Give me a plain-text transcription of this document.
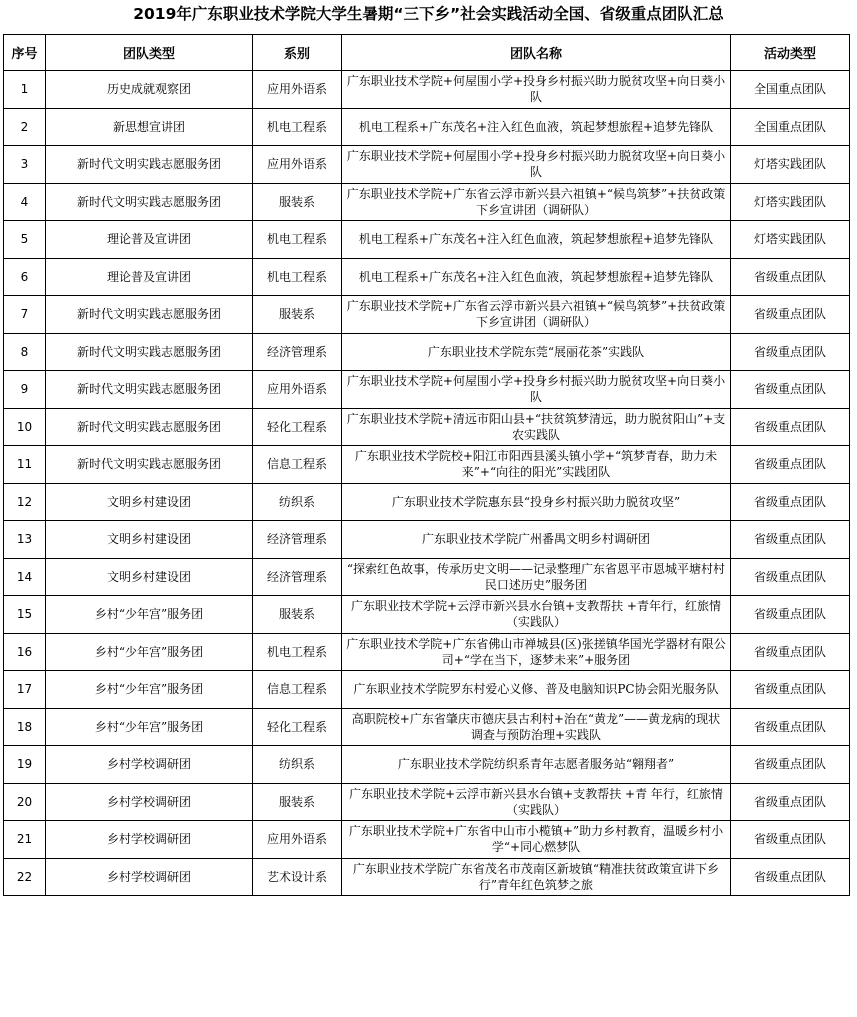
2019年广东职业技术学院大学生暑期“三下乡”社会实践活动全国、省级重点团队汇总
序号	团队类型	系别	团队名称	活动类型
1	历史成就观察团	应用外语系	广东职业技术学院+何屋围小学+投身乡村振兴助力脱贫攻坚+向日葵小队	全国重点团队
2	新思想宣讲团	机电工程系	机电工程系+广东茂名+注入红色血液，筑起梦想旅程+追梦先锋队	全国重点团队
3	新时代文明实践志愿服务团	应用外语系	广东职业技术学院+何屋围小学+投身乡村振兴助力脱贫攻坚+向日葵小队	灯塔实践团队
4	新时代文明实践志愿服务团	服装系	广东职业技术学院+广东省云浮市新兴县六祖镇+“候鸟筑梦”+扶贫政策下乡宣讲团（调研队）	灯塔实践团队
5	理论普及宣讲团	机电工程系	机电工程系+广东茂名+注入红色血液，筑起梦想旅程+追梦先锋队	灯塔实践团队
6	理论普及宣讲团	机电工程系	机电工程系+广东茂名+注入红色血液，筑起梦想旅程+追梦先锋队	省级重点团队
7	新时代文明实践志愿服务团	服装系	广东职业技术学院+广东省云浮市新兴县六祖镇+“候鸟筑梦”+扶贫政策下乡宣讲团（调研队）	省级重点团队
8	新时代文明实践志愿服务团	经济管理系	广东职业技术学院东莞“展丽花茶”实践队	省级重点团队
9	新时代文明实践志愿服务团	应用外语系	广东职业技术学院+何屋围小学+投身乡村振兴助力脱贫攻坚+向日葵小队	省级重点团队
10	新时代文明实践志愿服务团	轻化工程系	广东职业技术学院+清远市阳山县+“扶贫筑梦清远，助力脱贫阳山”+支农实践队	省级重点团队
11	新时代文明实践志愿服务团	信息工程系	广东职业技术学院校+阳江市阳西县溪头镇小学+“筑梦青春，助力未来”+“向往的阳光”实践团队	省级重点团队
12	文明乡村建设团	纺织系	广东职业技术学院惠东县“投身乡村振兴助力脱贫攻坚”	省级重点团队
13	文明乡村建设团	经济管理系	广东职业技术学院广州番禺文明乡村调研团	省级重点团队
14	文明乡村建设团	经济管理系	“探索红色故事，传承历史文明——记录整理广东省恩平市恩城平塘村村民口述历史”服务团	省级重点团队
15	乡村“少年宫”服务团	服装系	广东职业技术学院+云浮市新兴县水台镇+支教帮扶 +青年行，红旅情（实践队）	省级重点团队
16	乡村“少年宫”服务团	机电工程系	广东职业技术学院+广东省佛山市禅城县(区)张搓镇华国光学器材有限公司+“学在当下，逐梦未来”+服务团	省级重点团队
17	乡村“少年宫”服务团	信息工程系	广东职业技术学院罗东村爱心义修、普及电脑知识PC协会阳光服务队	省级重点团队
18	乡村“少年宫”服务团	轻化工程系	高职院校+广东省肇庆市德庆县古利村+治在“黄龙”——黄龙病的现状调查与预防治理+实践队	省级重点团队
19	乡村学校调研团	纺织系	广东职业技术学院纺织系青年志愿者服务站“翱翔者”	省级重点团队
20	乡村学校调研团	服装系	广东职业技术学院+云浮市新兴县水台镇+支教帮扶 +青 年行，红旅情（实践队）	省级重点团队
21	乡村学校调研团	应用外语系	广东职业技术学院+广东省中山市小榄镇+”助力乡村教育，温暖乡村小学“+同心燃梦队	省级重点团队
22	乡村学校调研团	艺术设计系	广东职业技术学院广东省茂名市茂南区新坡镇“精准扶贫政策宣讲下乡行”青年红色筑梦之旅	省级重点团队
